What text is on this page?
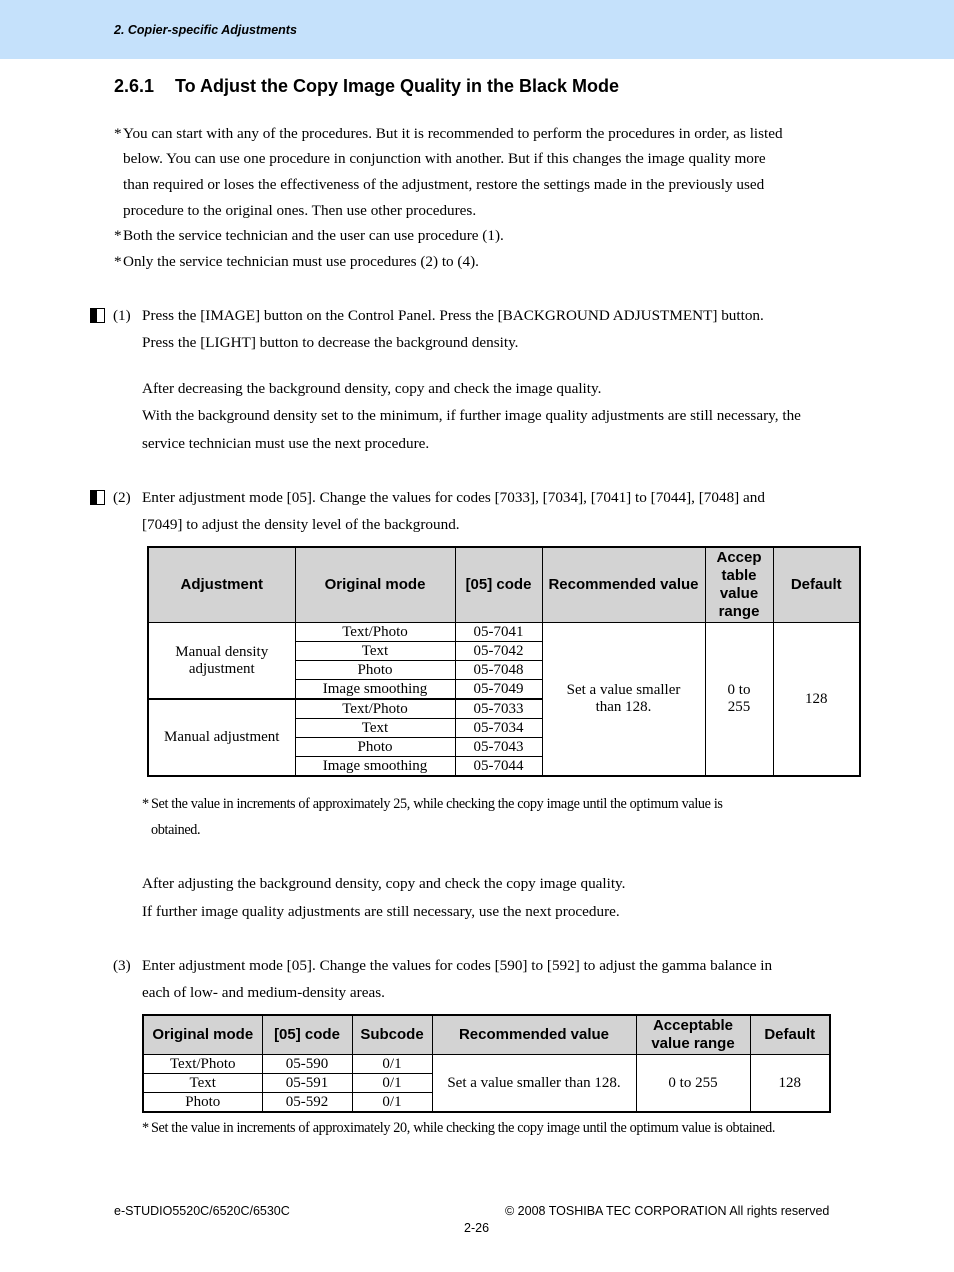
2. Copier-specific Adjustments
2.6.1 To Adjust the Copy Image Quality in the Black Mode
* You can start with any of the procedures. But it is recommended to perform the procedures in order, as listed
below. You can use one procedure in conjunction with another. But if this changes the image quality more
than required or loses the effectiveness of the adjustment, restore the settings made in the previously used
procedure to the original ones. Then use other procedures.
* Both the service technician and the user can use procedure (1).
* Only the service technician must use procedures (2) to (4).
(1) Press the [IMAGE] button on the Control Panel. Press the [BACKGROUND ADJUSTMENT] button.
Press the [LIGHT] button to decrease the background density.
After decreasing the background density, copy and check the image quality.
With the background density set to the minimum, if further image quality adjustments are still necessary, the
service technician must use the next procedure.
(2) Enter adjustment mode [05]. Change the values for codes [7033], [7034], [7041] to [7044], [7048] and
[7049] to adjust the density level of the background.
Adjustment	Original mode	[05] code	Recommended value	Accep table value range	Default
Manual density adjustment	Text/Photo	05-7041	Set a value smaller than 128.	0 to 255	128
	Text	05-7042			
	Photo	05-7048			
	Image smoothing	05-7049			
Manual adjustment	Text/Photo	05-7033			
	Text	05-7034			
	Photo	05-7043			
	Image smoothing	05-7044			
* Set the value in increments of approximately 25, while checking the copy image until the optimum value is
obtained.
After adjusting the background density, copy and check the copy image quality.
If further image quality adjustments are still necessary, use the next procedure.
(3) Enter adjustment mode [05]. Change the values for codes [590] to [592] to adjust the gamma balance in
each of low- and medium-density areas.
Original mode	[05] code	Subcode	Recommended value	Acceptable value range	Default
Text/Photo	05-590	0/1	Set a value smaller than 128.	0 to 255	128
Text	05-591	0/1			
Photo	05-592	0/1			
* Set the value in increments of approximately 20, while checking the copy image until the optimum value is obtained.
e-STUDIO5520C/6520C/6530C	© 2008 TOSHIBA TEC CORPORATION All rights reserved
2-26
